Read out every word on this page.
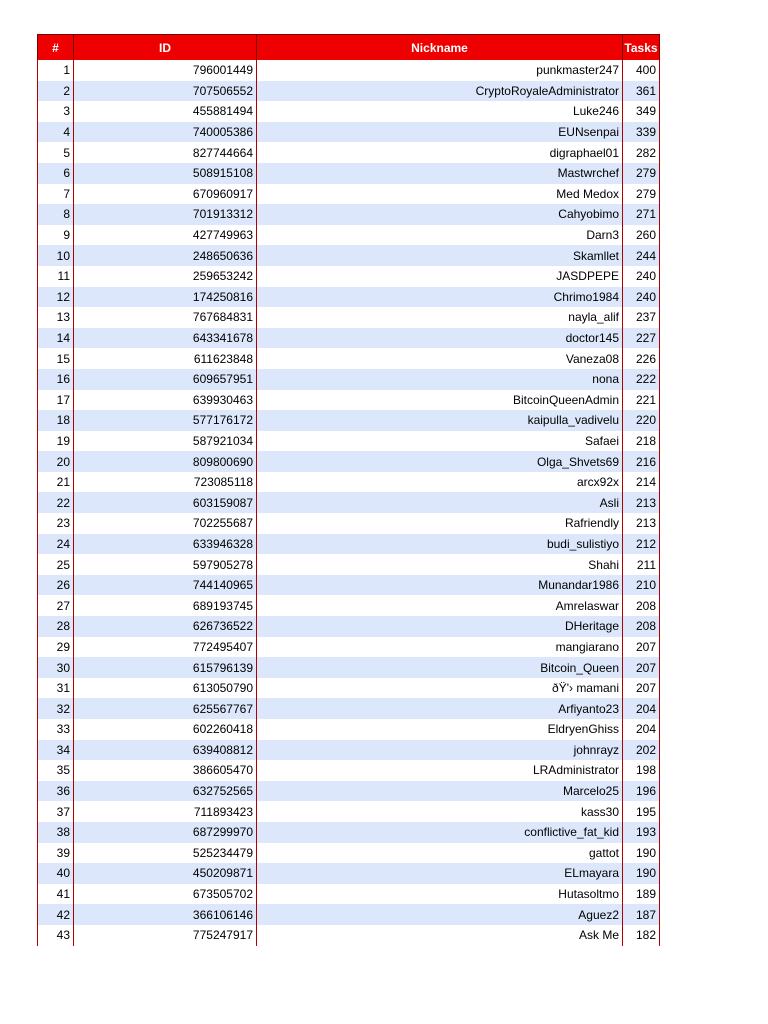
#	ID	Nickname	Tasks
1	796001449	punkmaster247	400
2	707506552	CryptoRoyaleAdministrator	361
3	455881494	Luke246	349
4	740005386	EUNsenpai	339
5	827744664	digraphael01	282
6	508915108	Mastwrchef	279
7	670960917	Med Medox	279
8	701913312	Cahyobimo	271
9	427749963	Darn3	260
10	248650636	Skamllet	244
11	259653242	JASDPEPE	240
12	174250816	Chrimo1984	240
13	767684831	nayla_alif	237
14	643341678	doctor145	227
15	611623848	Vaneza08	226
16	609657951	nona	222
17	639930463	BitcoinQueenAdmin	221
18	577176172	kaipulla_vadivelu	220
19	587921034	Safaei	218
20	809800690	Olga_Shvets69	216
21	723085118	arcx92x	214
22	603159087	Asli	213
23	702255687	Rafriendly	213
24	633946328	budi_sulistiyo	212
25	597905278	Shahi	211
26	744140965	Munandar1986	210
27	689193745	Amrelaswar	208
28	626736522	DHeritage	208
29	772495407	mangiarano	207
30	615796139	Bitcoin_Queen	207
31	613050790	ðŸ'› mamani	207
32	625567767	Arfiyanto23	204
33	602260418	EldryenGhiss	204
34	639408812	johnrayz	202
35	386605470	LRAdministrator	198
36	632752565	Marcelo25	196
37	711893423	kass30	195
38	687299970	conflictive_fat_kid	193
39	525234479	gattot	190
40	450209871	ELmayara	190
41	673505702	Hutasoltmo	189
42	366106146	Aguez2	187
43	775247917	Ask Me	182
